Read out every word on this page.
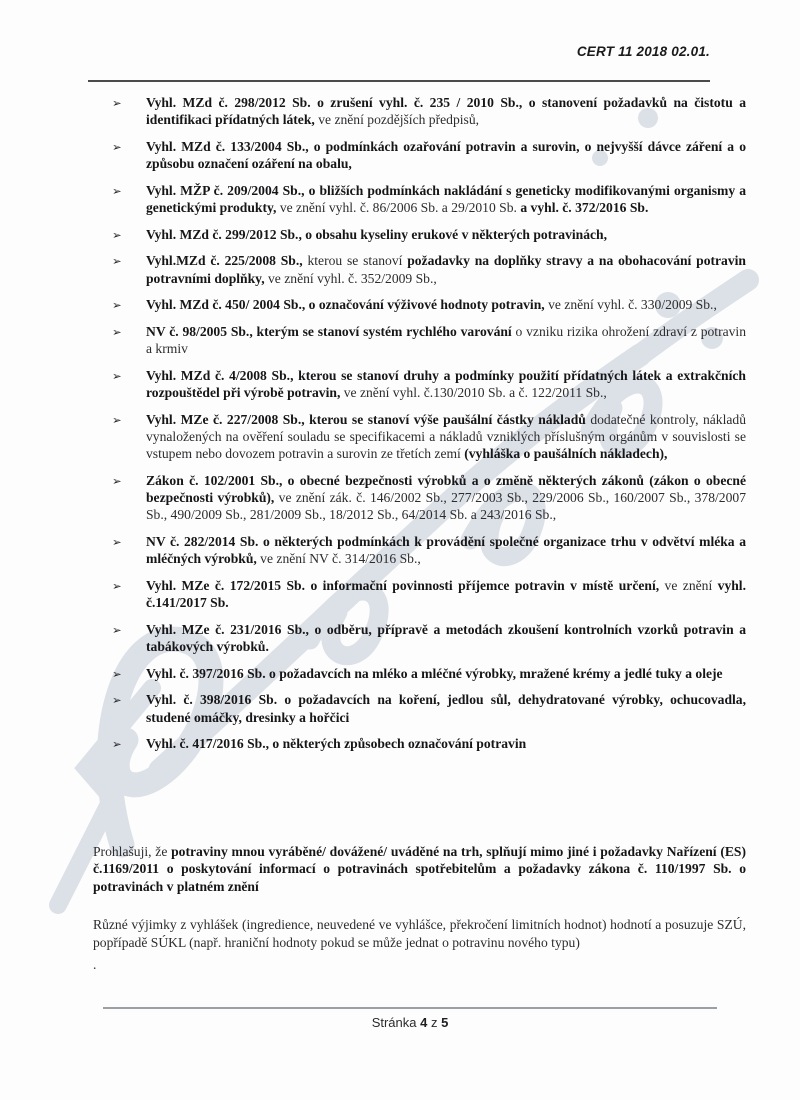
CERT 11 2018 02.01.
➢	Vyhl. MZd č. 298/2012 Sb. o zrušení vyhl. č. 235 / 2010 Sb., o stanovení požadavků na čistotu a identifikaci přídatných látek, ve znění pozdějších předpisů,
➢	Vyhl. MZd č. 133/2004 Sb., o podmínkách ozařování potravin a surovin, o nejvyšší dávce záření a o způsobu označení ozáření na obalu,
➢	Vyhl. MŽP č. 209/2004 Sb., o bližších podmínkách nakládání s geneticky modifikovanými organismy a genetickými produkty, ve znění vyhl. č. 86/2006 Sb. a 29/2010 Sb. a vyhl. č. 372/2016 Sb.
➢	Vyhl. MZd č. 299/2012 Sb., o obsahu kyseliny erukové v některých potravinách,
➢	Vyhl.MZd č. 225/2008 Sb., kterou se stanoví požadavky na doplňky stravy a na obohacování potravin potravními doplňky, ve znění vyhl. č. 352/2009 Sb.,
➢	Vyhl. MZd č. 450/ 2004 Sb., o označování výživové hodnoty potravin, ve znění vyhl. č. 330/2009 Sb.,
➢	NV č. 98/2005 Sb., kterým se stanoví systém rychlého varování o vzniku rizika ohrožení zdraví z potravin a krmiv
➢	Vyhl. MZd č. 4/2008 Sb., kterou se stanoví druhy a podmínky použití přídatných látek a extrakčních rozpouštědel při výrobě potravin, ve znění vyhl. č.130/2010 Sb. a č. 122/2011 Sb.,
➢	Vyhl. MZe č. 227/2008 Sb., kterou se stanoví výše paušální částky nákladů dodatečné kontroly, nákladů vynaložených na ověření souladu se specifikacemi a nákladů vzniklých příslušným orgánům v souvislosti se vstupem nebo dovozem potravin a surovin ze třetích zemí (vyhláška o paušálních nákladech),
➢	Zákon č. 102/2001 Sb., o obecné bezpečnosti výrobků a o změně některých zákonů (zákon o obecné bezpečnosti výrobků), ve znění zák. č. 146/2002 Sb., 277/2003 Sb., 229/2006 Sb., 160/2007 Sb., 378/2007 Sb., 490/2009 Sb., 281/2009 Sb., 18/2012 Sb., 64/2014 Sb. a 243/2016 Sb.,
➢	NV č. 282/2014 Sb. o některých podmínkách k provádění společné organizace trhu v odvětví mléka a mléčných výrobků, ve znění NV č. 314/2016 Sb.,
➢	Vyhl. MZe č. 172/2015 Sb. o informační povinnosti příjemce potravin v místě určení, ve znění vyhl. č.141/2017 Sb.
➢	Vyhl. MZe č. 231/2016 Sb., o odběru, přípravě a metodách zkoušení kontrolních vzorků potravin a tabákových výrobků.
➢	Vyhl. č. 397/2016 Sb. o požadavcích na mléko a mléčné výrobky, mražené krémy a jedlé tuky a oleje
➢	Vyhl. č. 398/2016 Sb. o požadavcích na koření, jedlou sůl, dehydratované výrobky, ochucovadla, studené omáčky, dresinky a hořčici
➢	Vyhl. č. 417/2016 Sb., o některých způsobech označování potravin

Prohlašuji, že potraviny mnou vyráběné/ dovážené/ uváděné na trh, splňují mimo jiné i požadavky Nařízení (ES) č.1169/2011 o poskytování informací o potravinách spotřebitelům a požadavky zákona č. 110/1997 Sb. o potravinách v platném znění

Různé výjimky z vyhlášek (ingredience, neuvedené ve vyhlášce, překročení limitních hodnot) hodnotí a posuzuje SZÚ, popřípadě SÚKL (např. hraniční hodnoty pokud se může jednat o potravinu nového typu)

.

Stránka 4 z 5
